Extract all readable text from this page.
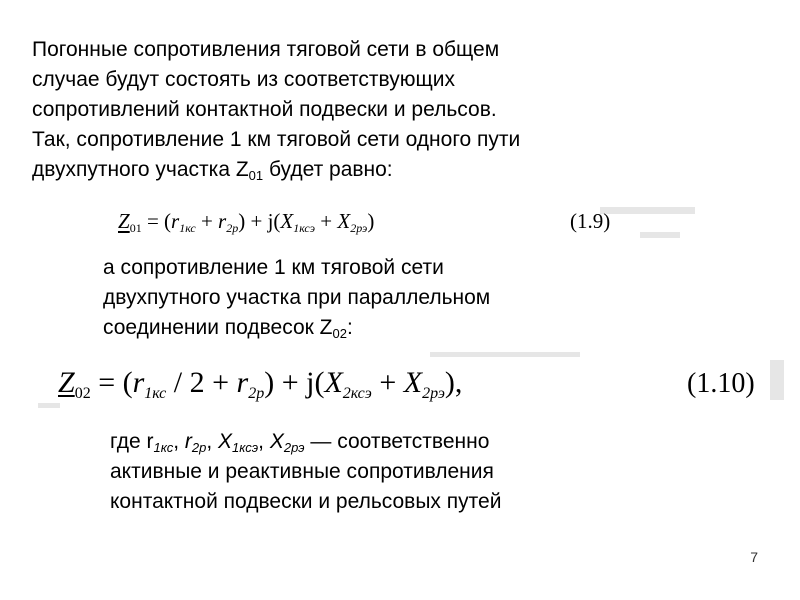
Погонные сопротивления тяговой сети в общем
случае будут состоять из соответствующих
сопротивлений контактной подвески и рельсов.
Так, сопротивление 1 км тяговой сети одного пути
двухпутного участка $Z_{01}$ будет равно:
$Z_{01} = (r_{1кс} + r_{2р}) + j(X_{1ксэ} + X_{2рэ})$	(1.9)
а сопротивление 1 км тяговой сети
двухпутного участка при параллельном
соединении подвесок $Z_{02}$:
$Z_{02} = (r_{1кс} / 2 + r_{2р}) + j(X_{2ксэ} + X_{2рэ})$,	(1.10)
где $r_{1кс}$, $r_{2р}$, $X_{1ксэ}$, $X_{2рэ}$ — соответственно
активные и реактивные сопротивления
контактной подвески и рельсовых путей
7
